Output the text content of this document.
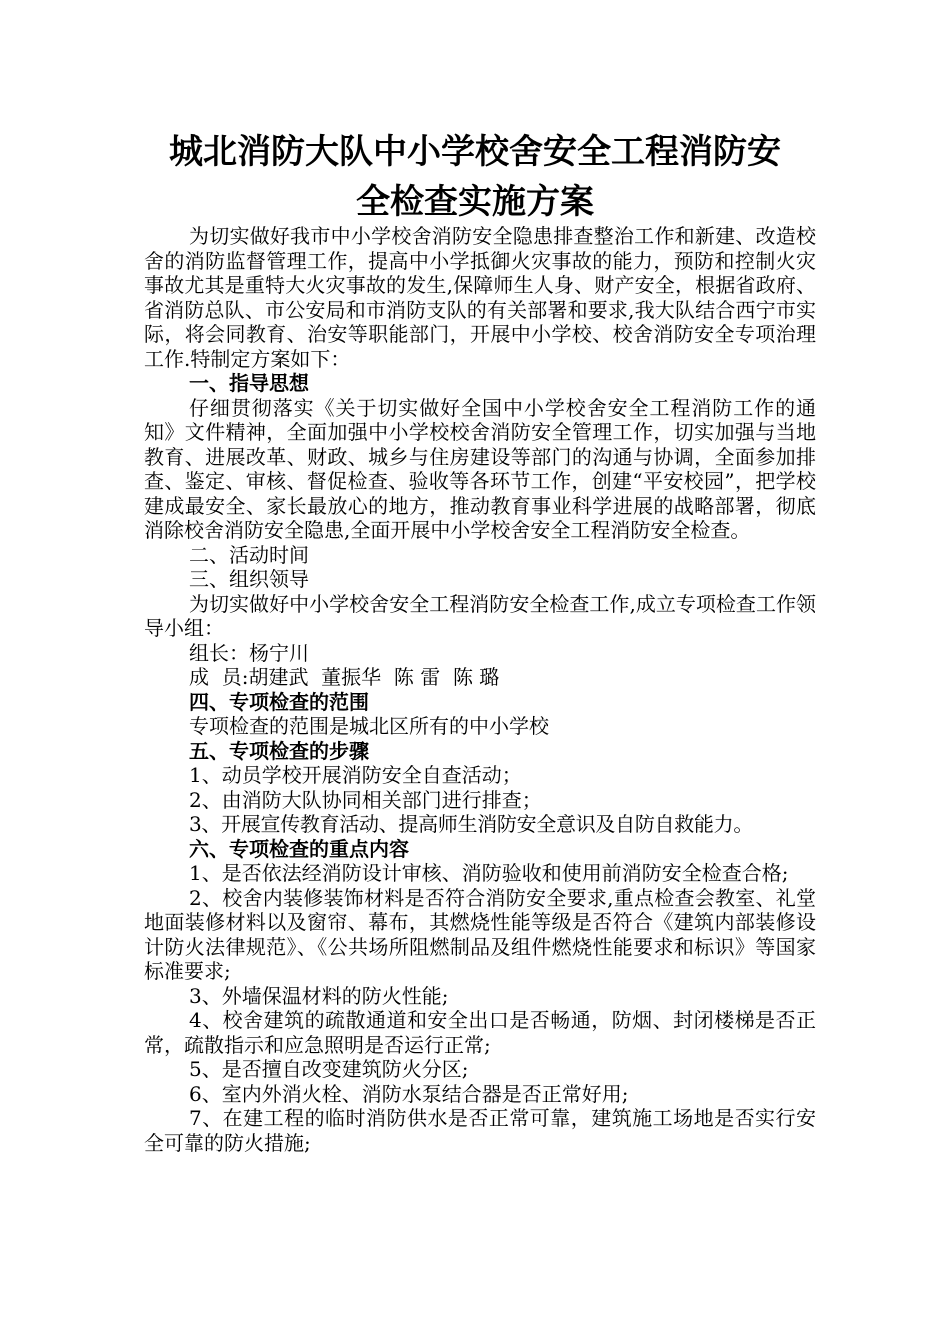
城北消防大队中小学校舍安全工程消防安
全检查实施方案

为切实做好我市中小学校舍消防安全隐患排查整治工作和新建、改造校舍的消防监督管理工作，提高中小学抵御火灾事故的能力，预防和控制火灾事故尤其是重特大火灾事故的发生,保障师生人身、财产安全，根据省政府、省消防总队、市公安局和市消防支队的有关部署和要求,我大队结合西宁市实际，将会同教育、治安等职能部门，开展中小学校、校舍消防安全专项治理工作.特制定方案如下：

一、指导思想

仔细贯彻落实《关于切实做好全国中小学校舍安全工程消防工作的通知》文件精神，全面加强中小学校校舍消防安全管理工作，切实加强与当地教育、进展改革、财政、城乡与住房建设等部门的沟通与协调，全面参加排查、鉴定、审核、督促检查、验收等各环节工作，创建“平安校园”，把学校建成最安全、家长最放心的地方，推动教育事业科学进展的战略部署，彻底消除校舍消防安全隐患,全面开展中小学校舍安全工程消防安全检查。

二、活动时间

三、组织领导

为切实做好中小学校舍安全工程消防安全检查工作,成立专项检查工作领导小组：

组长：杨宁川

成  员:胡建武  董振华  陈 雷  陈 璐

四、专项检查的范围

专项检查的范围是城北区所有的中小学校

五、专项检查的步骤

1、动员学校开展消防安全自查活动；

2、由消防大队协同相关部门进行排查；

3、开展宣传教育活动、提高师生消防安全意识及自防自救能力。

六、专项检查的重点内容

1、是否依法经消防设计审核、消防验收和使用前消防安全检查合格;

2、校舍内装修装饰材料是否符合消防安全要求,重点检查会教室、礼堂地面装修材料以及窗帘、幕布，其燃烧性能等级是否符合《建筑内部装修设计防火法律规范》、《公共场所阻燃制品及组件燃烧性能要求和标识》等国家标准要求;

3、外墙保温材料的防火性能;

4、校舍建筑的疏散通道和安全出口是否畅通，防烟、封闭楼梯是否正常，疏散指示和应急照明是否运行正常;

5、是否擅自改变建筑防火分区;

6、室内外消火栓、消防水泵结合器是否正常好用;

7、在建工程的临时消防供水是否正常可靠，建筑施工场地是否实行安全可靠的防火措施;
